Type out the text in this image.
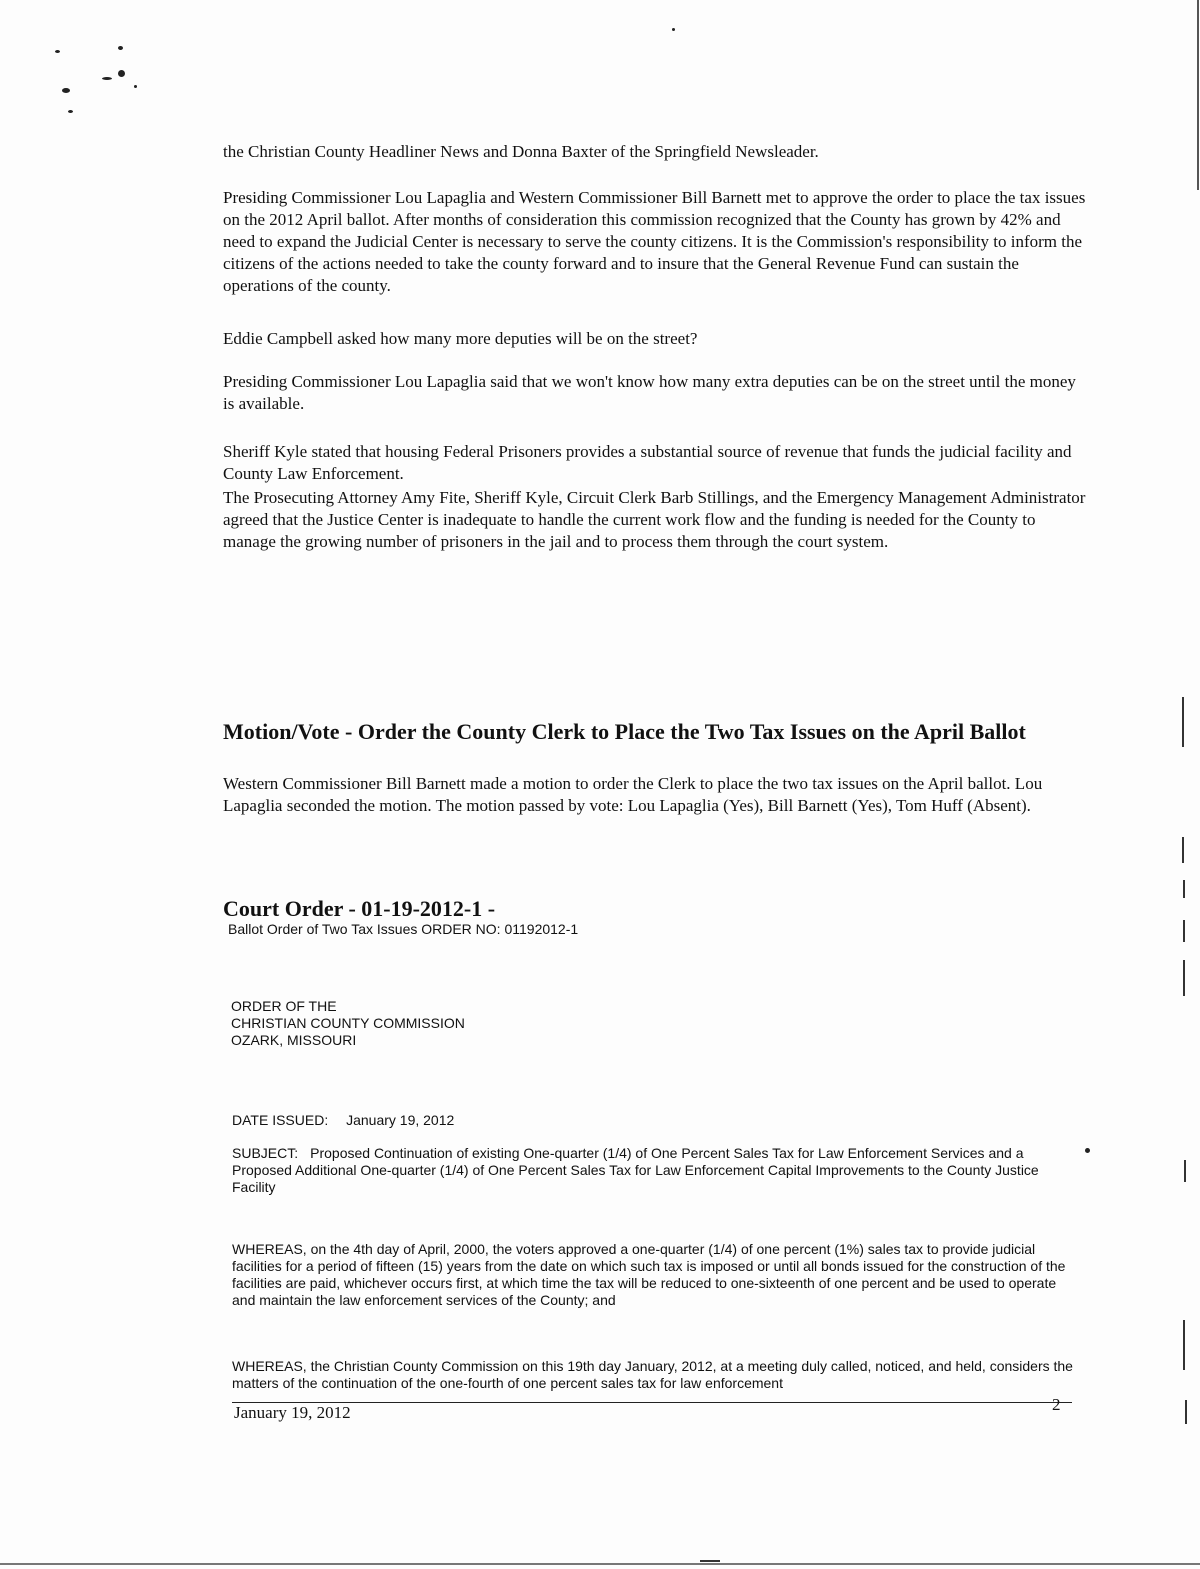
the Christian County Headliner News and Donna Baxter of the Springfield Newsleader.

Presiding Commissioner Lou Lapaglia and Western Commissioner Bill Barnett met to approve the order to place the tax issues on the 2012 April ballot. After months of consideration this commission recognized that the County has grown by 42% and need to expand the Judicial Center is necessary to serve the county citizens. It is the Commission's responsibility to inform the citizens of the actions needed to take the county forward and to insure that the General Revenue Fund can sustain the operations of the county.

Eddie Campbell asked how many more deputies will be on the street?

Presiding Commissioner Lou Lapaglia said that we won't know how many extra deputies can be on the street until the money is available.

Sheriff Kyle stated that housing Federal Prisoners provides a substantial source of revenue that funds the judicial facility and County Law Enforcement.

The Prosecuting Attorney Amy Fite, Sheriff Kyle, Circuit Clerk Barb Stillings, and the Emergency Management Administrator agreed that the Justice Center is inadequate to handle the current work flow and the funding is needed for the County to manage the growing number of prisoners in the jail and to process them through the court system.

Motion/Vote - Order the County Clerk to Place the Two Tax Issues on the April Ballot

Western Commissioner Bill Barnett made a motion to order the Clerk to place the two tax issues on the April ballot. Lou Lapaglia seconded the motion. The motion passed by vote: Lou Lapaglia (Yes), Bill Barnett (Yes), Tom Huff (Absent).

Court Order - 01-19-2012-1 -

Ballot Order of Two Tax Issues ORDER NO: 01192012-1

ORDER OF THE
CHRISTIAN COUNTY COMMISSION
OZARK, MISSOURI
DATE ISSUED: January 19, 2012
SUBJECT: Proposed Continuation of existing One-quarter (1/4) of One Percent Sales Tax for Law Enforcement Services and a Proposed Additional One-quarter (1/4) of One Percent Sales Tax for Law Enforcement Capital Improvements to the County Justice Facility

WHEREAS, on the 4th day of April, 2000, the voters approved a one-quarter (1/4) of one percent (1%) sales tax to provide judicial facilities for a period of fifteen (15) years from the date on which such tax is imposed or until all bonds issued for the construction of the facilities are paid, whichever occurs first, at which time the tax will be reduced to one-sixteenth of one percent and be used to operate and maintain the law enforcement services of the County; and

WHEREAS, the Christian County Commission on this 19th day January, 2012, at a meeting duly called, noticed, and held, considers the matters of the continuation of the one-fourth of one percent sales tax for law enforcement

January 19, 2012	2
